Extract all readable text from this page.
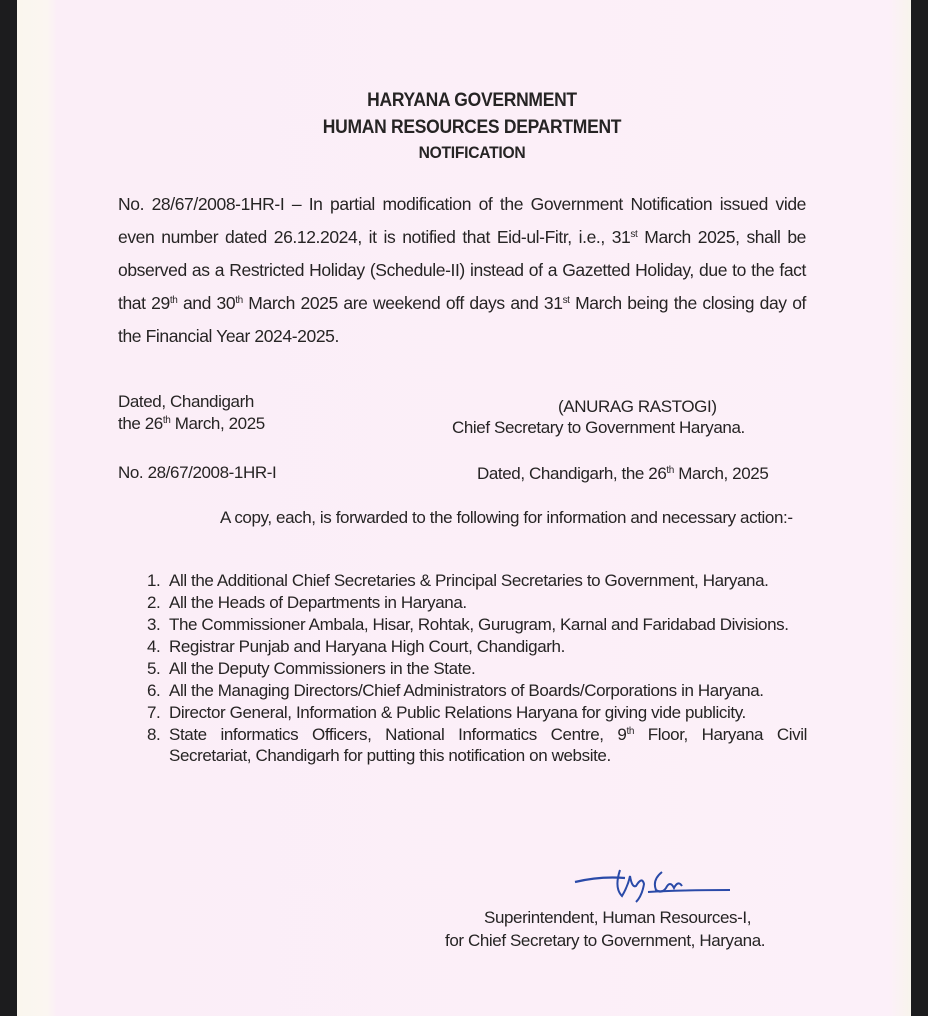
HARYANA GOVERNMENT
HUMAN RESOURCES DEPARTMENT
NOTIFICATION
No. 28/67/2008-1HR-I – In partial modification of the Government Notification issued vide even number dated 26.12.2024, it is notified that Eid-ul-Fitr, i.e., 31st March 2025, shall be observed as a Restricted Holiday (Schedule-II) instead of a Gazetted Holiday, due to the fact that 29th and 30th March 2025 are weekend off days and 31st March being the closing day of the Financial Year 2024-2025.
Dated, Chandigarh
the 26th March, 2025
(ANURAG RASTOGI)
Chief Secretary to Government Haryana.
No. 28/67/2008-1HR-I	Dated, Chandigarh, the 26th March, 2025
A copy, each, is forwarded to the following for information and necessary action:-
1. All the Additional Chief Secretaries & Principal Secretaries to Government, Haryana.
2. All the Heads of Departments in Haryana.
3. The Commissioner Ambala, Hisar, Rohtak, Gurugram, Karnal and Faridabad Divisions.
4. Registrar Punjab and Haryana High Court, Chandigarh.
5. All the Deputy Commissioners in the State.
6. All the Managing Directors/Chief Administrators of Boards/Corporations in Haryana.
7. Director General, Information & Public Relations Haryana for giving vide publicity.
8. State informatics Officers, National Informatics Centre, 9th Floor, Haryana Civil Secretariat, Chandigarh for putting this notification on website.
Superintendent, Human Resources-I,
for Chief Secretary to Government, Haryana.
